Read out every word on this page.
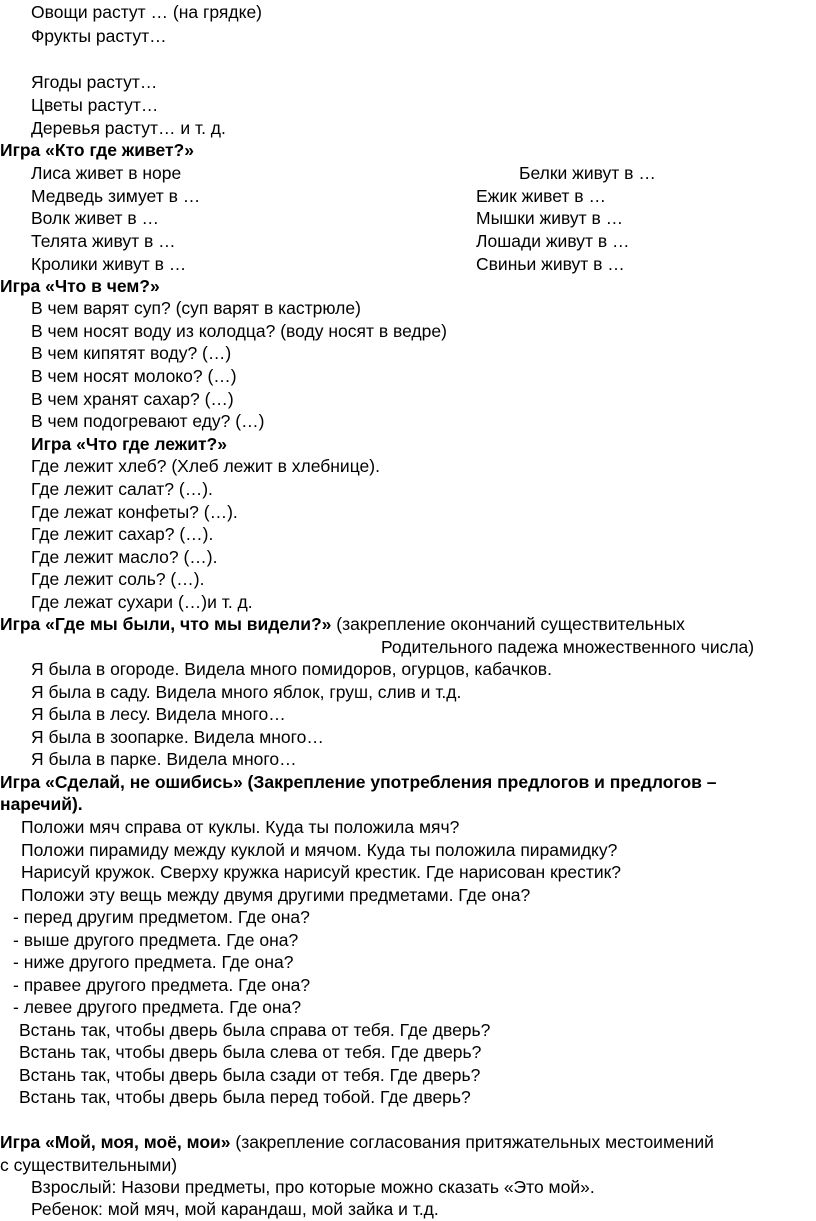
Овощи растут … (на грядке)
Фрукты растут…
Ягоды растут…
Цветы растут…
Деревья растут… и т. д.
Игра «Кто где живет?»
Лиса живет в норе
Медведь зимует в …
Волк живет в …
Телята живут в …
Кролики живут в …
Белки живут в …
Ежик живет в …
Мышки живут в …
Лошади живут в …
Свиньи живут в …
Игра «Что в чем?»
В чем варят суп? (суп варят в кастрюле)
В чем носят воду из колодца? (воду носят в ведре)
В чем кипятят воду? (…)
В чем носят молоко? (…)
В чем хранят сахар? (…)
В чем подогревают еду? (…)
Игра «Что где лежит?»
Где лежит хлеб? (Хлеб лежит в хлебнице).
Где лежит салат? (…).
Где лежат конфеты? (…).
Где лежит сахар? (…).
Где лежит масло? (…).
Где лежит соль? (…).
Где лежат сухари (…)и т. д.
Игра «Где мы были, что мы видели?» (закрепление окончаний существительных
Родительного падежа множественного числа)
Я была в огороде. Видела много помидоров, огурцов, кабачков.
Я была в саду. Видела много яблок, груш, слив и т.д.
Я была в лесу. Видела много…
Я была в зоопарке. Видела много…
Я была в парке. Видела много…
Игра «Сделай, не ошибись» (Закрепление употребления предлогов и предлогов –
наречий).
Положи мяч справа от куклы. Куда ты положила мяч?
Положи пирамиду между куклой и мячом. Куда ты положила пирамидку?
Нарисуй кружок. Сверху кружка нарисуй крестик. Где нарисован крестик?
Положи эту вещь между двумя другими предметами. Где она?
- перед другим предметом. Где она?
- выше другого предмета. Где она?
- ниже другого предмета. Где она?
- правее другого предмета. Где она?
- левее другого предмета. Где она?
Встань так, чтобы дверь была справа от тебя. Где дверь?
Встань так, чтобы дверь была слева от тебя. Где дверь?
Встань так, чтобы дверь была сзади от тебя. Где дверь?
Встань так, чтобы дверь была перед тобой. Где дверь?
Игра «Мой, моя, моё, мои» (закрепление согласования притяжательных местоимений
с существительными)
Взрослый: Назови предметы, про которые можно сказать «Это мой».
Ребенок: мой мяч, мой карандаш, мой зайка и т.д.
